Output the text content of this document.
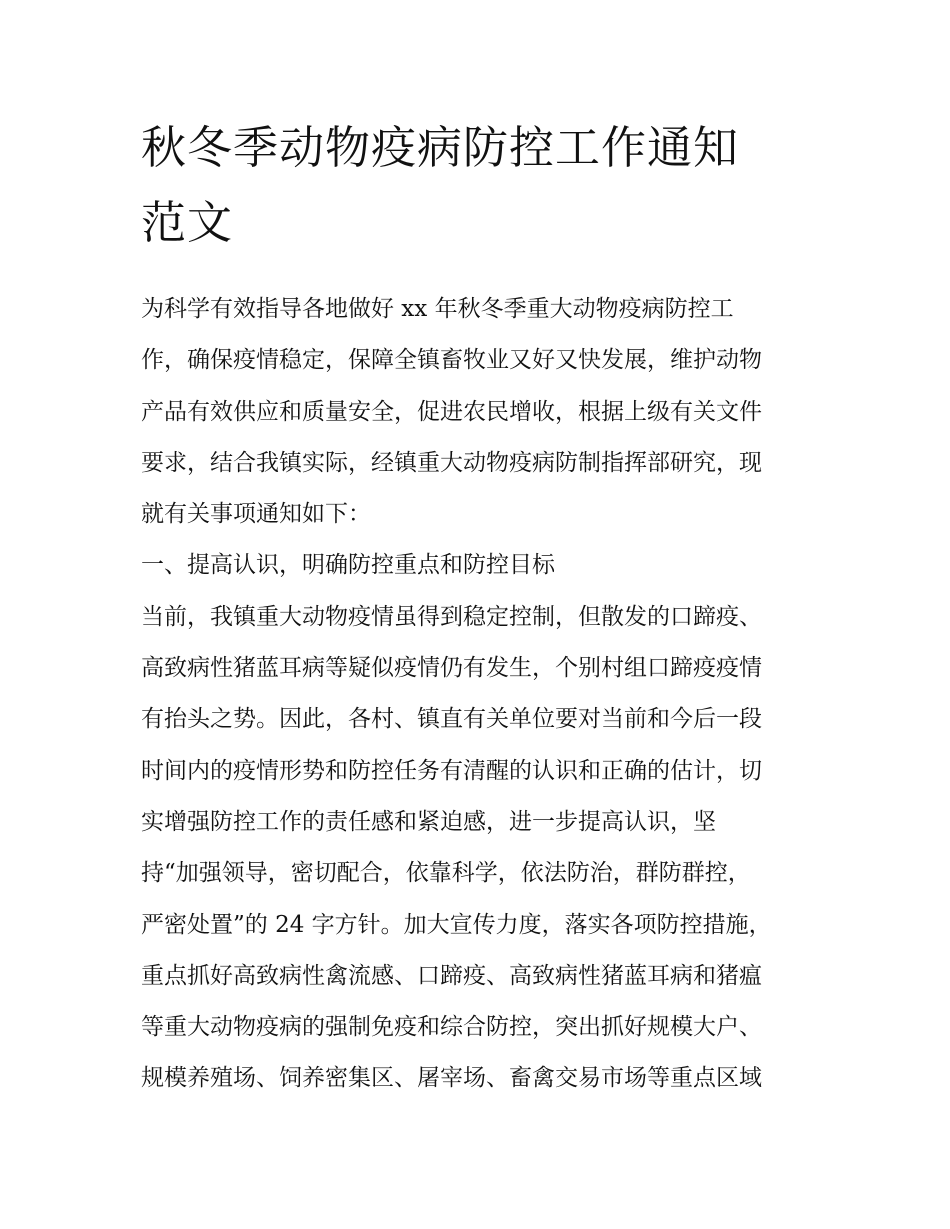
秋冬季动物疫病防控工作通知
范文
为科学有效指导各地做好 xx 年秋冬季重大动物疫病防控工
作，确保疫情稳定，保障全镇畜牧业又好又快发展，维护动物
产品有效供应和质量安全，促进农民增收，根据上级有关文件
要求，结合我镇实际，经镇重大动物疫病防制指挥部研究，现
就有关事项通知如下：
一、提高认识，明确防控重点和防控目标
当前，我镇重大动物疫情虽得到稳定控制，但散发的口蹄疫、
高致病性猪蓝耳病等疑似疫情仍有发生，个别村组口蹄疫疫情
有抬头之势。因此，各村、镇直有关单位要对当前和今后一段
时间内的疫情形势和防控任务有清醒的认识和正确的估计，切
实增强防控工作的责任感和紧迫感，进一步提高认识，坚
持“加强领导，密切配合，依靠科学，依法防治，群防群控，
严密处置”的 24 字方针。加大宣传力度，落实各项防控措施，
重点抓好高致病性禽流感、口蹄疫、高致病性猪蓝耳病和猪瘟
等重大动物疫病的强制免疫和综合防控，突出抓好规模大户、
规模养殖场、饲养密集区、屠宰场、畜禽交易市场等重点区域
